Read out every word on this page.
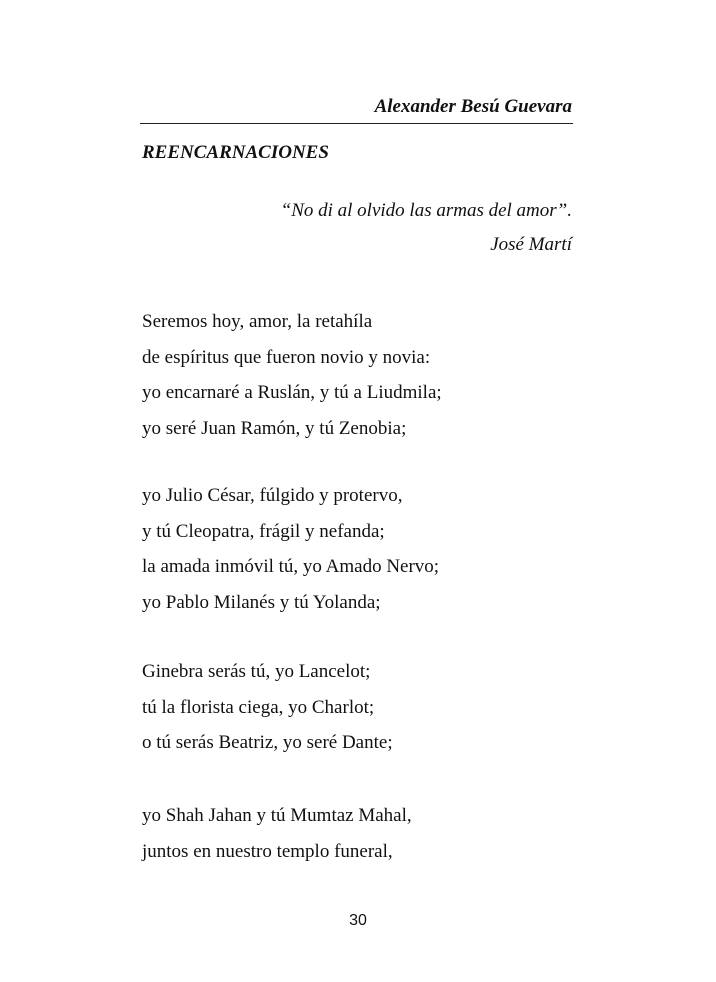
Alexander Besú Guevara
REENCARNACIONES
“No di al olvido las armas del amor”.
José Martí
Seremos hoy, amor, la retahíla
de espíritus que fueron novio y novia:
yo encarnaré a Ruslán, y tú a Liudmila;
yo seré Juan Ramón, y tú Zenobia;
yo Julio César, fúlgido y protervo,
y tú Cleopatra, frágil y nefanda;
la amada inmóvil tú, yo Amado Nervo;
yo Pablo Milanés y tú Yolanda;
Ginebra serás tú, yo Lancelot;
tú la florista ciega, yo Charlot;
o tú serás Beatriz, yo seré Dante;
yo Shah Jahan y tú Mumtaz Mahal,
juntos en nuestro templo funeral,
30
